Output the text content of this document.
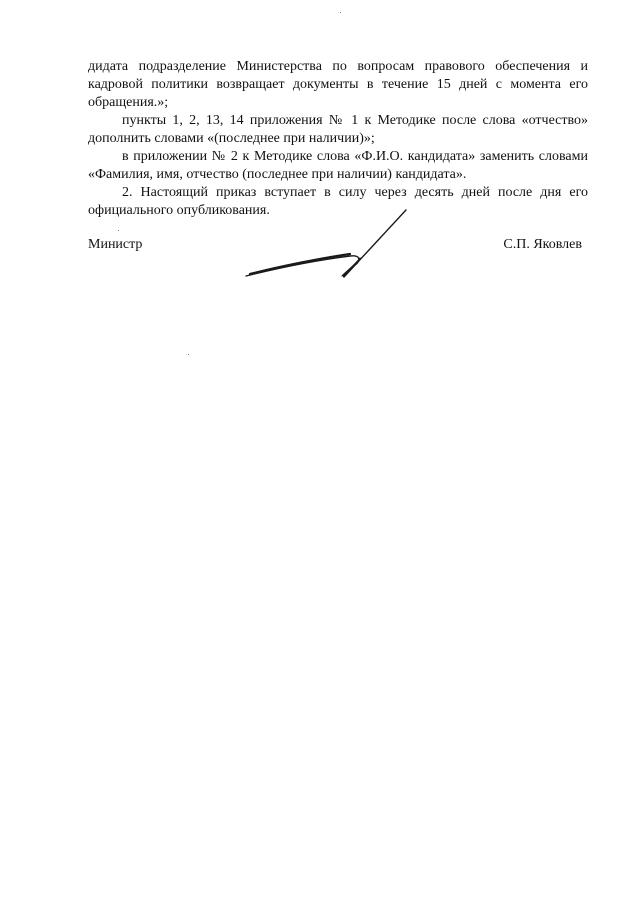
дидата подразделение Министерства по вопросам правового обеспечения и кадровой политики возвращает документы в течение 15 дней с момента его обращения.»;

пункты 1, 2, 13, 14 приложения № 1 к Методике после слова «отчество» дополнить словами «(последнее при наличии)»;

в приложении № 2 к Методике слова «Ф.И.О. кандидата» заменить словами «Фамилия, имя, отчество (последнее при наличии) кандидата».

2. Настоящий приказ вступает в силу через десять дней после дня его официального опубликования.

Министр	С.П. Яковлев
